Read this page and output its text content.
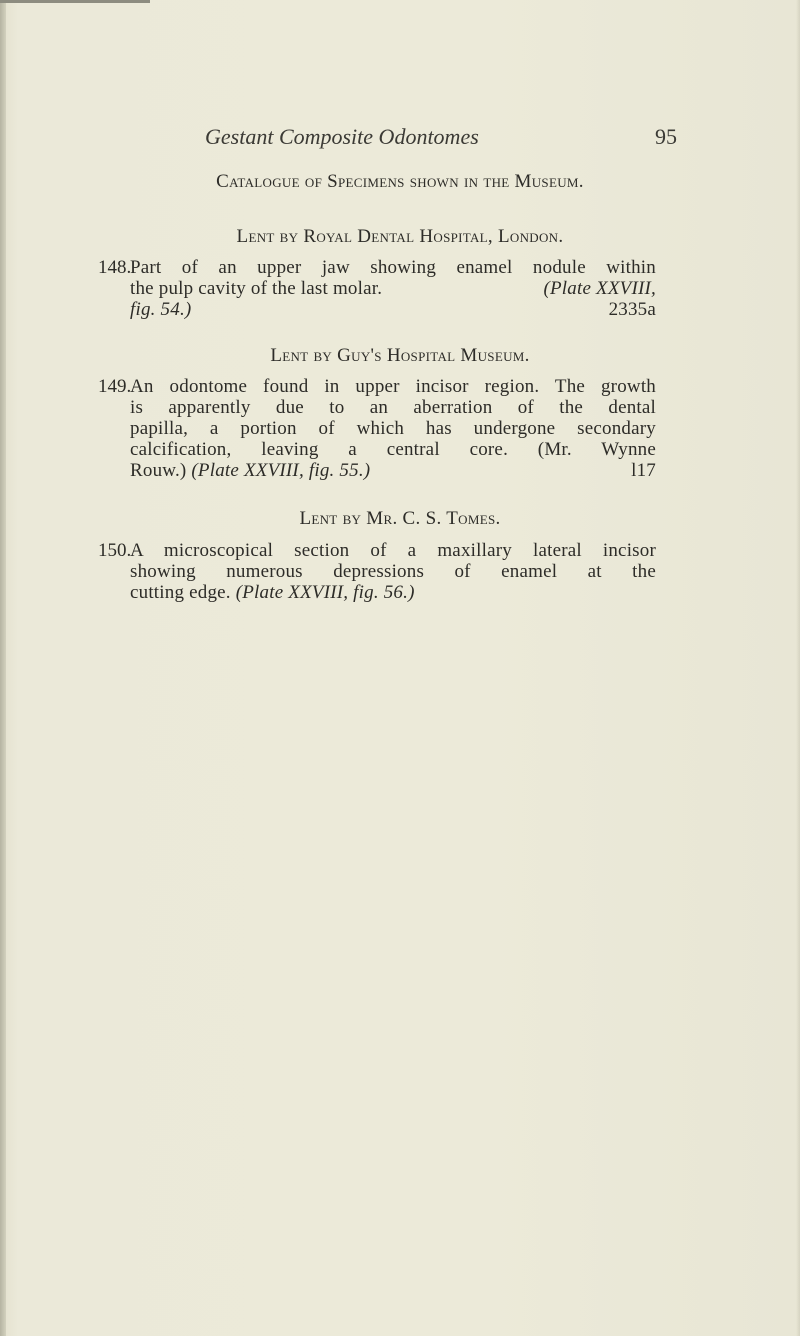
Gestant Composite Odontomes	95
Catalogue of Specimens shown in the Museum.
Lent by Royal Dental Hospital, London.
148.
Part of an upper jaw showing enamel nodule within
the pulp cavity of the last molar.	(Plate XXVIII,
fig. 54.)	2335a
Lent by Guy's Hospital Museum.
149.
An odontome found in upper incisor region. The growth
is apparently due to an aberration of the dental
papilla, a portion of which has undergone secondary
calcification, leaving a central core. (Mr. Wynne
Rouw.) (Plate XXVIII, fig. 55.)	l17
Lent by Mr. C. S. Tomes.
150.
A microscopical section of a maxillary lateral incisor
showing numerous depressions of enamel at the
cutting edge. (Plate XXVIII, fig. 56.)
